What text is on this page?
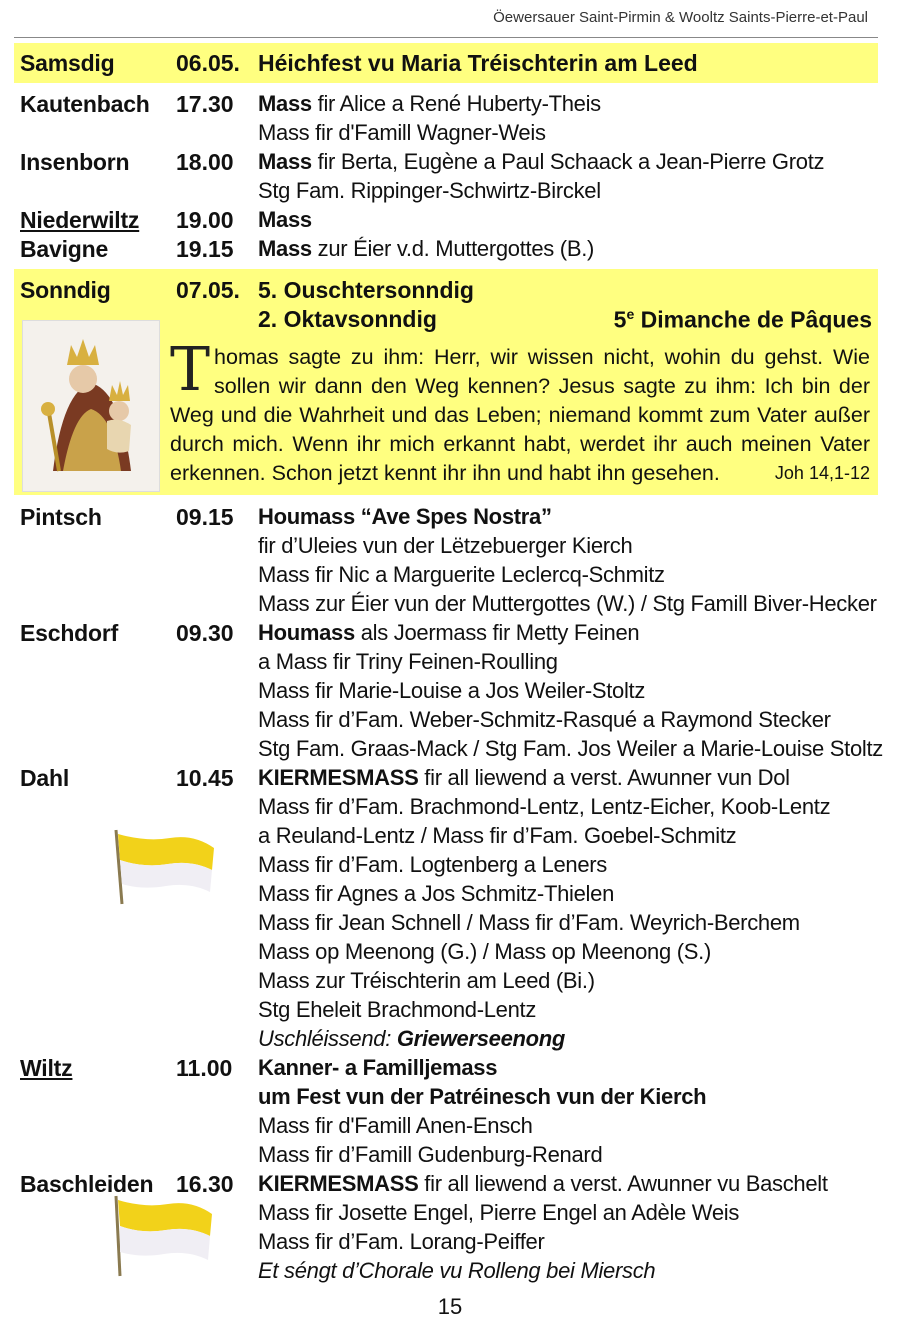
Öewersauer Saint-Pirmin & Wooltz Saints-Pierre-et-Paul
Samsdig	06.05. Héichfest vu Maria Tréischterin am Leed
Kautenbach 17.30 Mass fir Alice a René Huberty-Theis
Mass fir d'Famill Wagner-Weis
Insenborn 18.00 Mass fir Berta, Eugène a Paul Schaack a Jean-Pierre Grotz
Stg Fam. Rippinger-Schwirtz-Birckel
Niederwiltz 19.00 Mass
Bavigne	19.15 Mass zur Éier v.d. Muttergottes (B.)
Sonndig	07.05. 5. Ouschtersonndig
2. Oktavsonndig	5e Dimanche de Pâques
Thomas sagte zu ihm: Herr, wir wissen nicht, wohin du gehst. Wie sollen wir dann den Weg kennen? Jesus sagte zu ihm: Ich bin der Weg und die Wahrheit und das Leben; niemand kommt zum Vater außer durch mich. Wenn ihr mich erkannt habt, werdet ihr auch meinen Vater erkennen. Schon jetzt kennt ihr ihn und habt ihn gesehen.	Joh 14,1-12
Pintsch	09.15 Houmass “Ave Spes Nostra”
fir d’Uleies vun der Lëtzebuerger Kierch
Mass fir Nic a Marguerite Leclercq-Schmitz
Mass zur Éier vun der Muttergottes (W.) / Stg Famill Biver-Hecker
Eschdorf	09.30 Houmass als Joermass fir Metty Feinen
a Mass fir Triny Feinen-Roulling
Mass fir Marie-Louise a Jos Weiler-Stoltz
Mass fir d’Fam. Weber-Schmitz-Rasqué a Raymond Stecker
Stg Fam. Graas-Mack / Stg Fam. Jos Weiler a Marie-Louise Stoltz
Dahl	10.45 KIERMESMASS fir all liewend a verst. Awunner vun Dol
Mass fir d’Fam. Brachmond-Lentz, Lentz-Eicher, Koob-Lentz
a Reuland-Lentz / Mass fir d’Fam. Goebel-Schmitz
Mass fir d’Fam. Logtenberg a Leners
Mass fir Agnes a Jos Schmitz-Thielen
Mass fir Jean Schnell / Mass fir d’Fam. Weyrich-Berchem
Mass op Meenong (G.) / Mass op Meenong (S.)
Mass zur Tréischterin am Leed (Bi.)
Stg Eheleit Brachmond-Lentz
Uschléissend: Griewerseenong
Wiltz	11.00 Kanner- a Familljemass
um Fest vun der Patréinesch vun der Kierch
Mass fir d'Famill Anen-Ensch
Mass fir d’Famill Gudenburg-Renard
Baschleiden 16.30 KIERMESMASS fir all liewend a verst. Awunner vu Baschelt
Mass fir Josette Engel, Pierre Engel an Adèle Weis
Mass fir d’Fam. Lorang-Peiffer
Et séngt d’Chorale vu Rolleng bei Miersch
15
